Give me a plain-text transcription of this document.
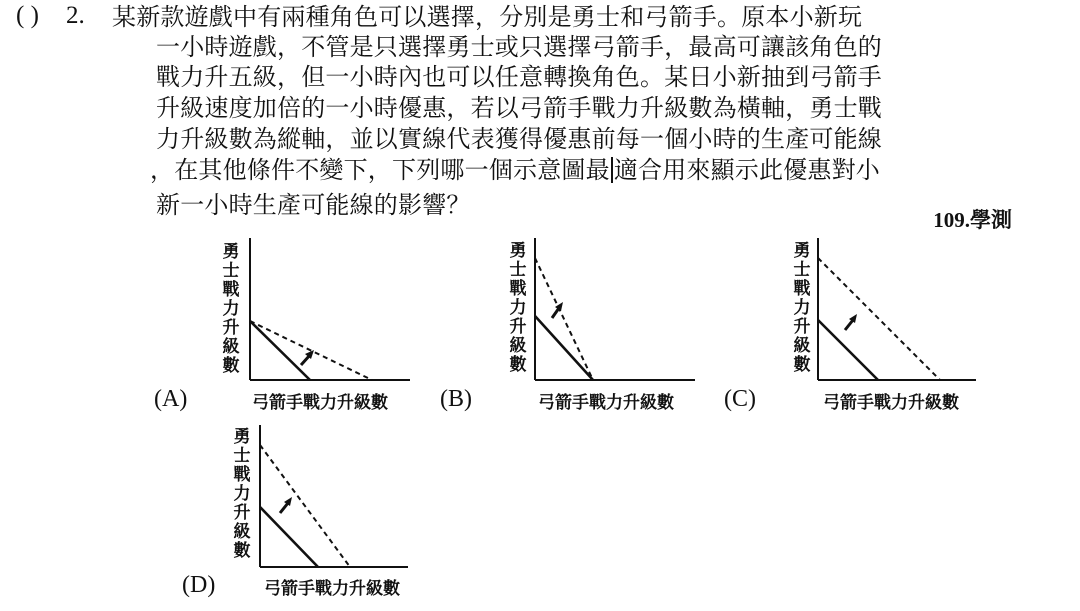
( ) 2. 某新款遊戲中有兩種角色可以選擇，分別是勇士和弓箭手。原本小新玩
一小時遊戲，不管是只選擇勇士或只選擇弓箭手，最高可讓該角色的
戰力升五級，但一小時內也可以任意轉換角色。某日小新抽到弓箭手
升級速度加倍的一小時優惠，若以弓箭手戰力升級數為橫軸，勇士戰
力升級數為縱軸，並以實線代表獲得優惠前每一個小時的生產可能線
，在其他條件不變下，下列哪一個示意圖最 適合用來顯示此優惠對小
新一小時生產可能線的影響？
109.學測
(A)
勇士戰力升級數
弓箭手戰力升級數 (B)
勇士戰力升級數
弓箭手戰力升級數 (C)
勇士戰力升級數
弓箭手戰力升級數
(D)
勇士戰力升級數
弓箭手戰力升級數
